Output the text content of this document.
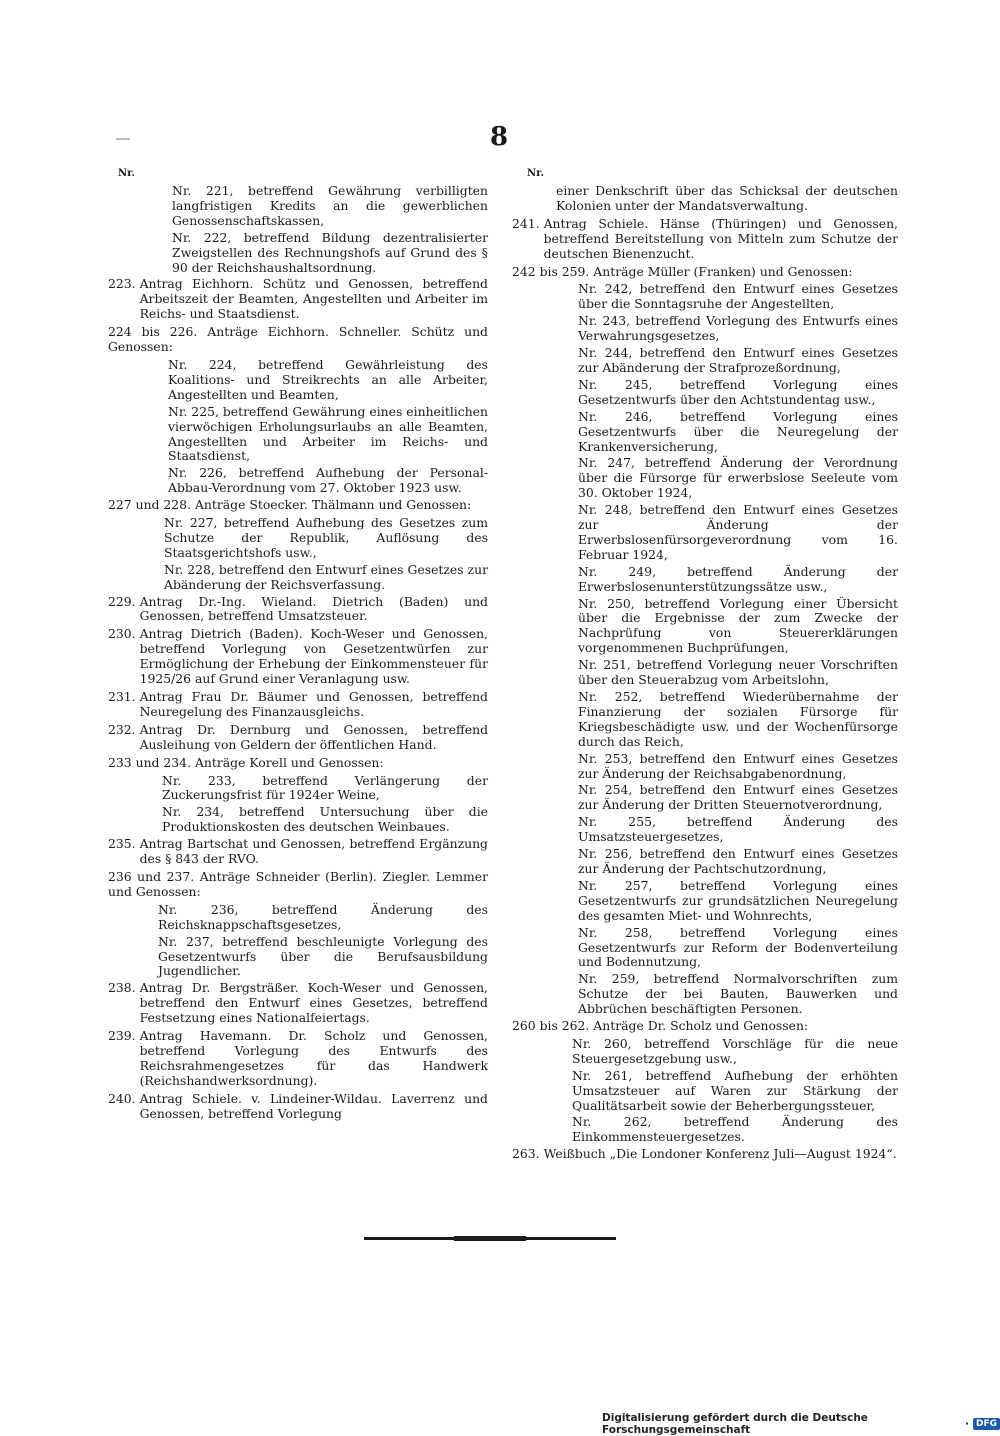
8
Nr.	Nr.
Nr. 221, betreffend Gewährung verbilligten langfristigen Kredits an die gewerblichen Genossenschaftskassen,
Nr. 222, betreffend Bildung dezentralisierter Zweigstellen des Rechnungshofs auf Grund des § 90 der Reichshaushaltsordnung.
223. Antrag Eichhorn. Schütz und Genossen, betreffend Arbeitszeit der Beamten, Angestellten und Arbeiter im Reichs- und Staatsdienst.
224 bis 226. Anträge Eichhorn. Schneller. Schütz und Genossen:
Nr. 224, betreffend Gewährleistung des Koalitions- und Streikrechts an alle Arbeiter, Angestellten und Beamten,
Nr. 225, betreffend Gewährung eines einheitlichen vierwöchigen Erholungsurlaubs an alle Beamten, Angestellten und Arbeiter im Reichs- und Staatsdienst,
Nr. 226, betreffend Aufhebung der Personal-Abbau-Verordnung vom 27. Oktober 1923 usw.
227 und 228. Anträge Stoecker. Thälmann und Genossen:
Nr. 227, betreffend Aufhebung des Gesetzes zum Schutze der Republik, Auflösung des Staatsgerichtshofs usw.,
Nr. 228, betreffend den Entwurf eines Gesetzes zur Abänderung der Reichsverfassung.
229. Antrag Dr.-Ing. Wieland. Dietrich (Baden) und Genossen, betreffend Umsatzsteuer.
230. Antrag Dietrich (Baden). Koch-Weser und Genossen, betreffend Vorlegung von Gesetzentwürfen zur Ermöglichung der Erhebung der Einkommensteuer für 1925/26 auf Grund einer Veranlagung usw.
231. Antrag Frau Dr. Bäumer und Genossen, betreffend Neuregelung des Finanzausgleichs.
232. Antrag Dr. Dernburg und Genossen, betreffend Ausleihung von Geldern der öffentlichen Hand.
233 und 234. Anträge Korell und Genossen:
Nr. 233, betreffend Verlängerung der Zuckerungsfrist für 1924er Weine,
Nr. 234, betreffend Untersuchung über die Produktionskosten des deutschen Weinbaues.
235. Antrag Bartschat und Genossen, betreffend Ergänzung des § 843 der RVO.
236 und 237. Anträge Schneider (Berlin). Ziegler. Lemmer und Genossen:
Nr. 236, betreffend Änderung des Reichsknappschaftsgesetzes,
Nr. 237, betreffend beschleunigte Vorlegung des Gesetzentwurfs über die Berufsausbildung Jugendlicher.
238. Antrag Dr. Bergsträßer. Koch-Weser und Genossen, betreffend den Entwurf eines Gesetzes, betreffend Festsetzung eines Nationalfeiertags.
239. Antrag Havemann. Dr. Scholz und Genossen, betreffend Vorlegung des Entwurfs des Reichsrahmengesetzes für das Handwerk (Reichshandwerksordnung).
240. Antrag Schiele. v. Lindeiner-Wildau. Laverrenz und Genossen, betreffend Vorlegung
einer Denkschrift über das Schicksal der deutschen Kolonien unter der Mandatsverwaltung.
241. Antrag Schiele. Hänse (Thüringen) und Genossen, betreffend Bereitstellung von Mitteln zum Schutze der deutschen Bienenzucht.
242 bis 259. Anträge Müller (Franken) und Genossen:
Nr. 242, betreffend den Entwurf eines Gesetzes über die Sonntagsruhe der Angestellten,
Nr. 243, betreffend Vorlegung des Entwurfs eines Verwahrungsgesetzes,
Nr. 244, betreffend den Entwurf eines Gesetzes zur Abänderung der Strafprozeßordnung,
Nr. 245, betreffend Vorlegung eines Gesetzentwurfs über den Achtstundentag usw.,
Nr. 246, betreffend Vorlegung eines Gesetzentwurfs über die Neuregelung der Krankenversicherung,
Nr. 247, betreffend Änderung der Verordnung über die Fürsorge für erwerbslose Seeleute vom 30. Oktober 1924,
Nr. 248, betreffend den Entwurf eines Gesetzes zur Änderung der Erwerbslosenfürsorgeverordnung vom 16. Februar 1924,
Nr. 249, betreffend Änderung der Erwerbslosenunterstützungssätze usw.,
Nr. 250, betreffend Vorlegung einer Übersicht über die Ergebnisse der zum Zwecke der Nachprüfung von Steuererklärungen vorgenommenen Buchprüfungen,
Nr. 251, betreffend Vorlegung neuer Vorschriften über den Steuerabzug vom Arbeitslohn,
Nr. 252, betreffend Wiederübernahme der Finanzierung der sozialen Fürsorge für Kriegsbeschädigte usw. und der Wochenfürsorge durch das Reich,
Nr. 253, betreffend den Entwurf eines Gesetzes zur Änderung der Reichsabgabenordnung,
Nr. 254, betreffend den Entwurf eines Gesetzes zur Änderung der Dritten Steuernotverordnung,
Nr. 255, betreffend Änderung des Umsatzsteuergesetzes,
Nr. 256, betreffend den Entwurf eines Gesetzes zur Änderung der Pachtschutzordnung,
Nr. 257, betreffend Vorlegung eines Gesetzentwurfs zur grundsätzlichen Neuregelung des gesamten Miet- und Wohnrechts,
Nr. 258, betreffend Vorlegung eines Gesetzentwurfs zur Reform der Bodenverteilung und Bodennutzung,
Nr. 259, betreffend Normalvorschriften zum Schutze der bei Bauten, Bauwerken und Abbrüchen beschäftigten Personen.
260 bis 262. Anträge Dr. Scholz und Genossen:
Nr. 260, betreffend Vorschläge für die neue Steuergesetzgebung usw.,
Nr. 261, betreffend Aufhebung der erhöhten Umsatzsteuer auf Waren zur Stärkung der Qualitätsarbeit sowie der Beherbergungssteuer,
Nr. 262, betreffend Änderung des Einkommensteuergesetzes.
263. Weißbuch „Die Londoner Konferenz Juli—August 1924“.
Digitalisierung gefördert durch die Deutsche Forschungsgemeinschaft	· DFG
